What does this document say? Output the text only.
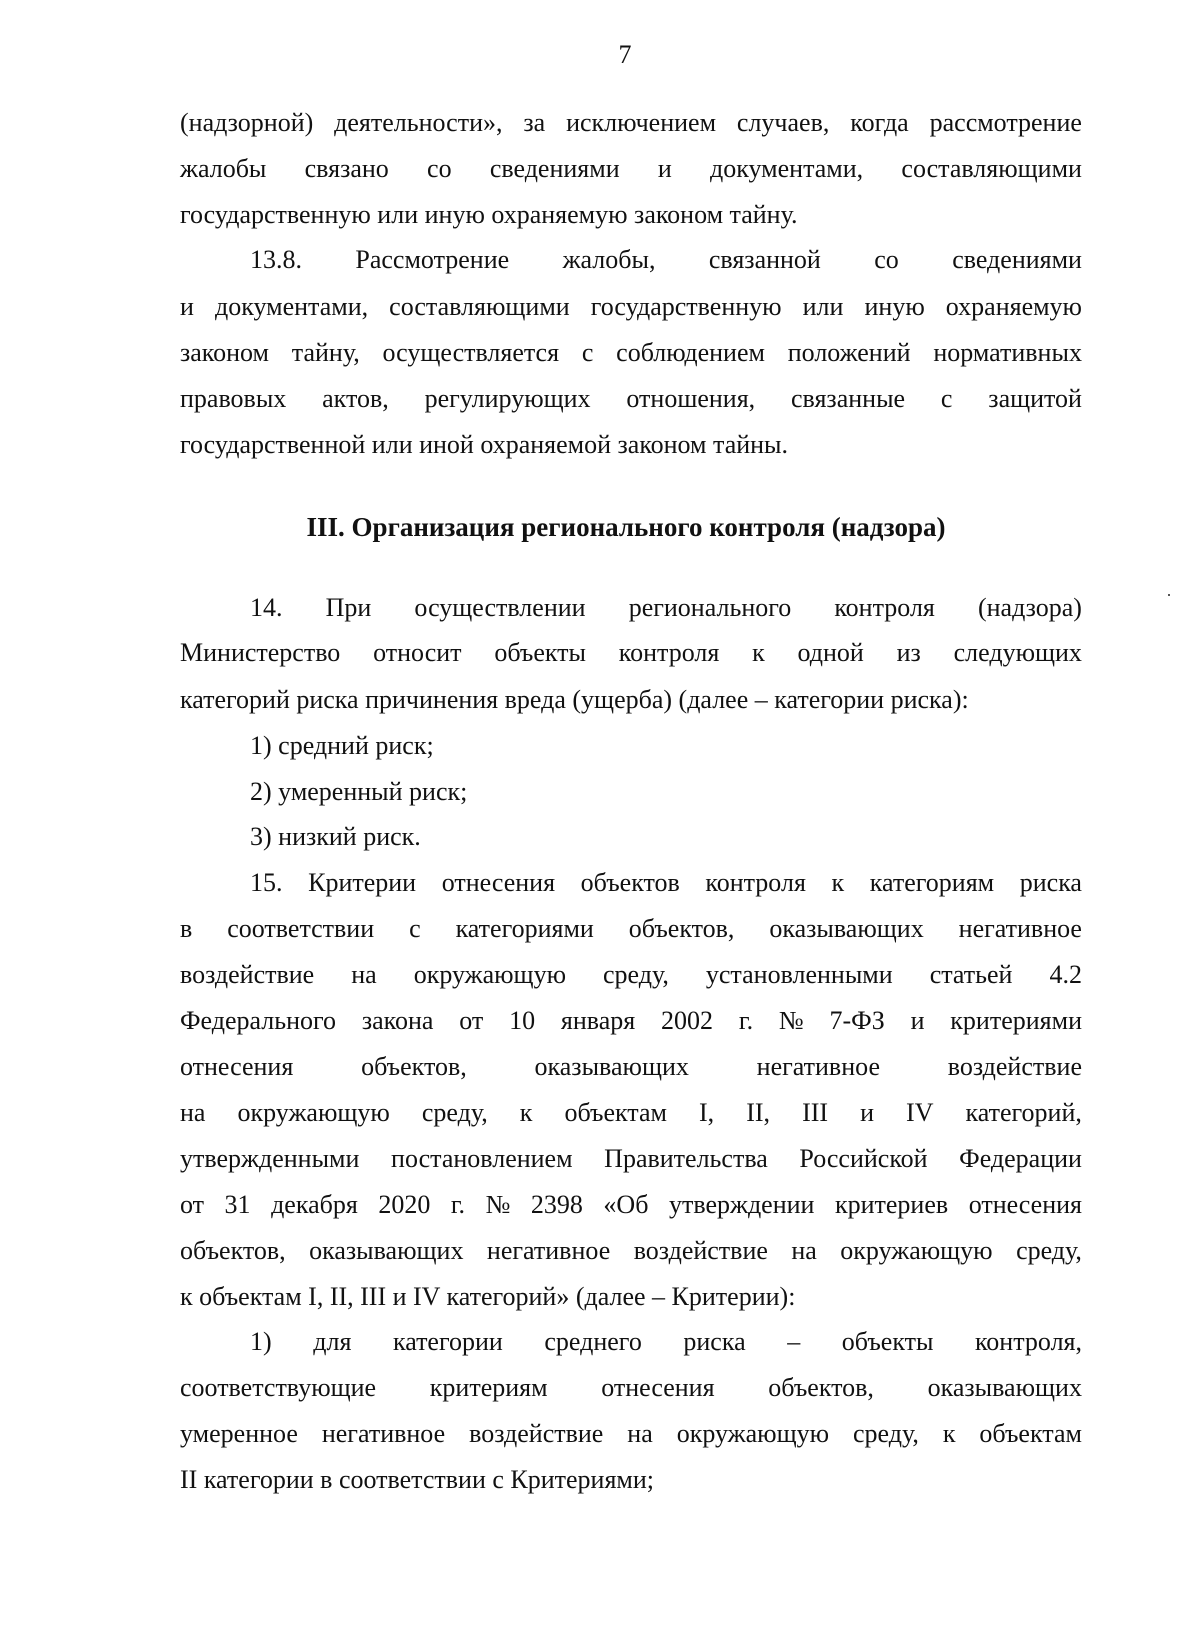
7
(надзорной) деятельности», за исключением случаев, когда рассмотрение
жалобы связано со сведениями и документами, составляющими
государственную или иную охраняемую законом тайну.
13.8. Рассмотрение жалобы, связанной со сведениями
и документами, составляющими государственную или иную охраняемую
законом тайну, осуществляется с соблюдением положений нормативных
правовых актов, регулирующих отношения, связанные с защитой
государственной или иной охраняемой законом тайны.
III. Организация регионального контроля (надзора)
14. При осуществлении регионального контроля (надзора)
Министерство относит объекты контроля к одной из следующих
категорий риска причинения вреда (ущерба) (далее – категории риска):
1) средний риск;
2) умеренный риск;
3) низкий риск.
15. Критерии отнесения объектов контроля к категориям риска
в соответствии с категориями объектов, оказывающих негативное
воздействие на окружающую среду, установленными статьей 4.2
Федерального закона от 10 января 2002 г. № 7-ФЗ и критериями
отнесения	объектов,	оказывающих	негативное	воздействие
на окружающую среду, к объектам I, II, III и IV категорий,
утвержденными постановлением Правительства Российской Федерации
от 31 декабря 2020 г. № 2398 «Об утверждении критериев отнесения
объектов, оказывающих негативное воздействие на окружающую среду,
к объектам I, II, III и IV категорий» (далее – Критерии):
1) для категории среднего риска – объекты контроля,
соответствующие критериям отнесения объектов, оказывающих
умеренное негативное воздействие на окружающую среду, к объектам
II категории в соответствии с Критериями;
